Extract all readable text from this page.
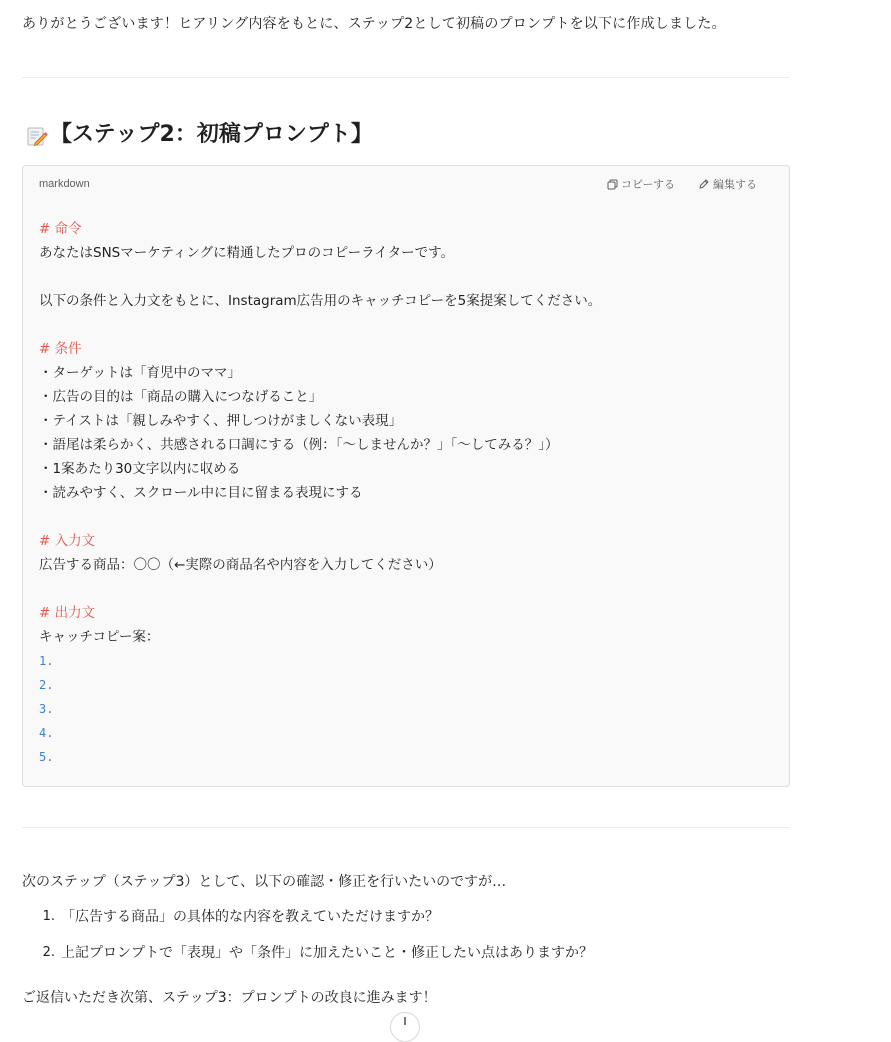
ありがとうございます！ヒアリング内容をもとに、ステップ2として初稿のプロンプトを以下に作成しました。
【ステップ2：初稿プロンプト】
markdown	コピーする	編集する
# 命令
あなたはSNSマーケティングに精通したプロのコピーライターです。
以下の条件と入力文をもとに、Instagram広告用のキャッチコピーを5案提案してください。
# 条件
・ターゲットは「育児中のママ」
・広告の目的は「商品の購入につなげること」
・テイストは「親しみやすく、押しつけがましくない表現」
・語尾は柔らかく、共感される口調にする（例：「～しませんか？」「～してみる？」）
・1案あたり30文字以内に収める
・読みやすく、スクロール中に目に留まる表現にする
# 入力文
広告する商品：〇〇（←実際の商品名や内容を入力してください）
# 出力文
キャッチコピー案：
1.
2.
3.
4.
5.
次のステップ（ステップ3）として、以下の確認・修正を行いたいのですが…
1. 「広告する商品」の具体的な内容を教えていただけますか？
2. 上記プロンプトで「表現」や「条件」に加えたいこと・修正したい点はありますか？
ご返信いただき次第、ステップ3：プロンプトの改良に進みます！
